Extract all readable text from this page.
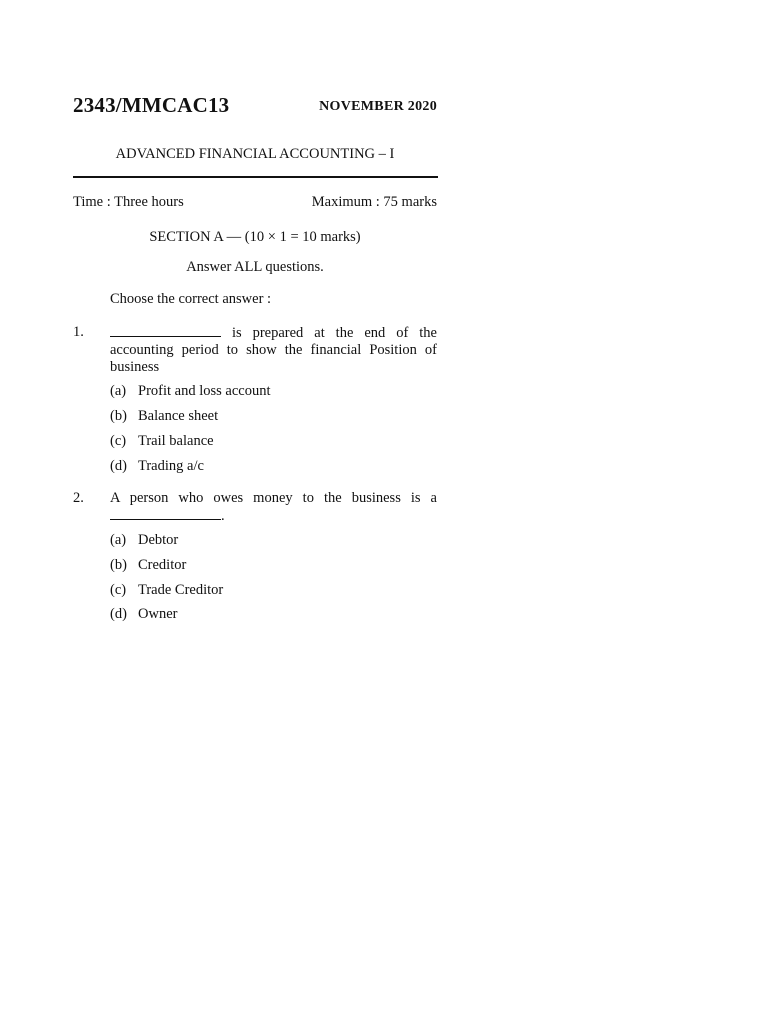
2343/MMCAC13	NOVEMBER 2020
ADVANCED FINANCIAL ACCOUNTING – I
Time : Three hours	Maximum : 75 marks
SECTION A — (10 × 1 = 10 marks)
Answer ALL questions.
Choose the correct answer :
1.	is prepared at the end of the accounting period to show the financial Position of business
(a) Profit and loss account
(b) Balance sheet
(c) Trail balance
(d) Trading a/c
2. A person who owes money to the business is a .
(a) Debtor
(b) Creditor
(c) Trade Creditor
(d) Owner
